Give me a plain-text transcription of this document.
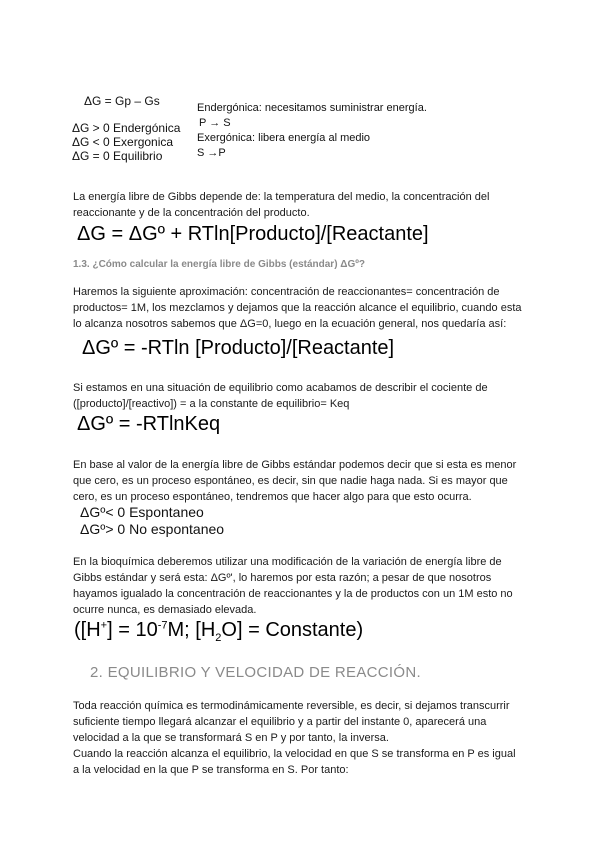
ΔG = Gp – Gs
ΔG > 0 Endergónica
ΔG < 0 Exergonica
ΔG = 0 Equilibrio
Endergónica: necesitamos suministrar energía.
P → S
Exergónica: libera energía al medio
S →P
La energía libre de Gibbs depende de: la temperatura del medio, la concentración del
reaccionante y de la concentración del producto.
ΔG = ΔGº + RTln[Producto]/[Reactante]
1.3. ¿Cómo calcular la energía libre de Gibbs (estándar) ΔGº?
Haremos la siguiente aproximación: concentración de reaccionantes= concentración de
productos= 1M, los mezclamos y dejamos que la reacción alcance el equilibrio, cuando esta
lo alcanza nosotros sabemos que ΔG=0, luego en la ecuación general, nos quedaría así:
ΔGº = -RTln [Producto]/[Reactante]
Si estamos en una situación de equilibrio como acabamos de describir el cociente de
([producto]/[reactivo]) = a la constante de equilibrio= Keq
ΔGº = -RTlnKeq
En base al valor de la energía libre de Gibbs estándar podemos decir que si esta es menor
que cero, es un proceso espontáneo, es decir, sin que nadie haga nada. Si es mayor que
cero, es un proceso espontáneo, tendremos que hacer algo para que esto ocurra.
ΔGº< 0 Espontaneo
ΔGº> 0 No espontaneo
En la bioquímica deberemos utilizar una modificación de la variación de energía libre de
Gibbs estándar y será esta: ΔGº', lo haremos por esta razón; a pesar de que nosotros
hayamos igualado la concentración de reaccionantes y la de productos con un 1M esto no
ocurre nunca, es demasiado elevada.
($[H^+] = 10^{-7}M$; $[H_2O]$ = Constante)
2. EQUILIBRIO Y VELOCIDAD DE REACCIÓN.
Toda reacción química es termodinámicamente reversible, es decir, si dejamos transcurrir
suficiente tiempo llegará alcanzar el equilibrio y a partir del instante 0, aparecerá una
velocidad a la que se transformará S en P y por tanto, la inversa.
Cuando la reacción alcanza el equilibrio, la velocidad en que S se transforma en P es igual
a la velocidad en la que P se transforma en S. Por tanto:
